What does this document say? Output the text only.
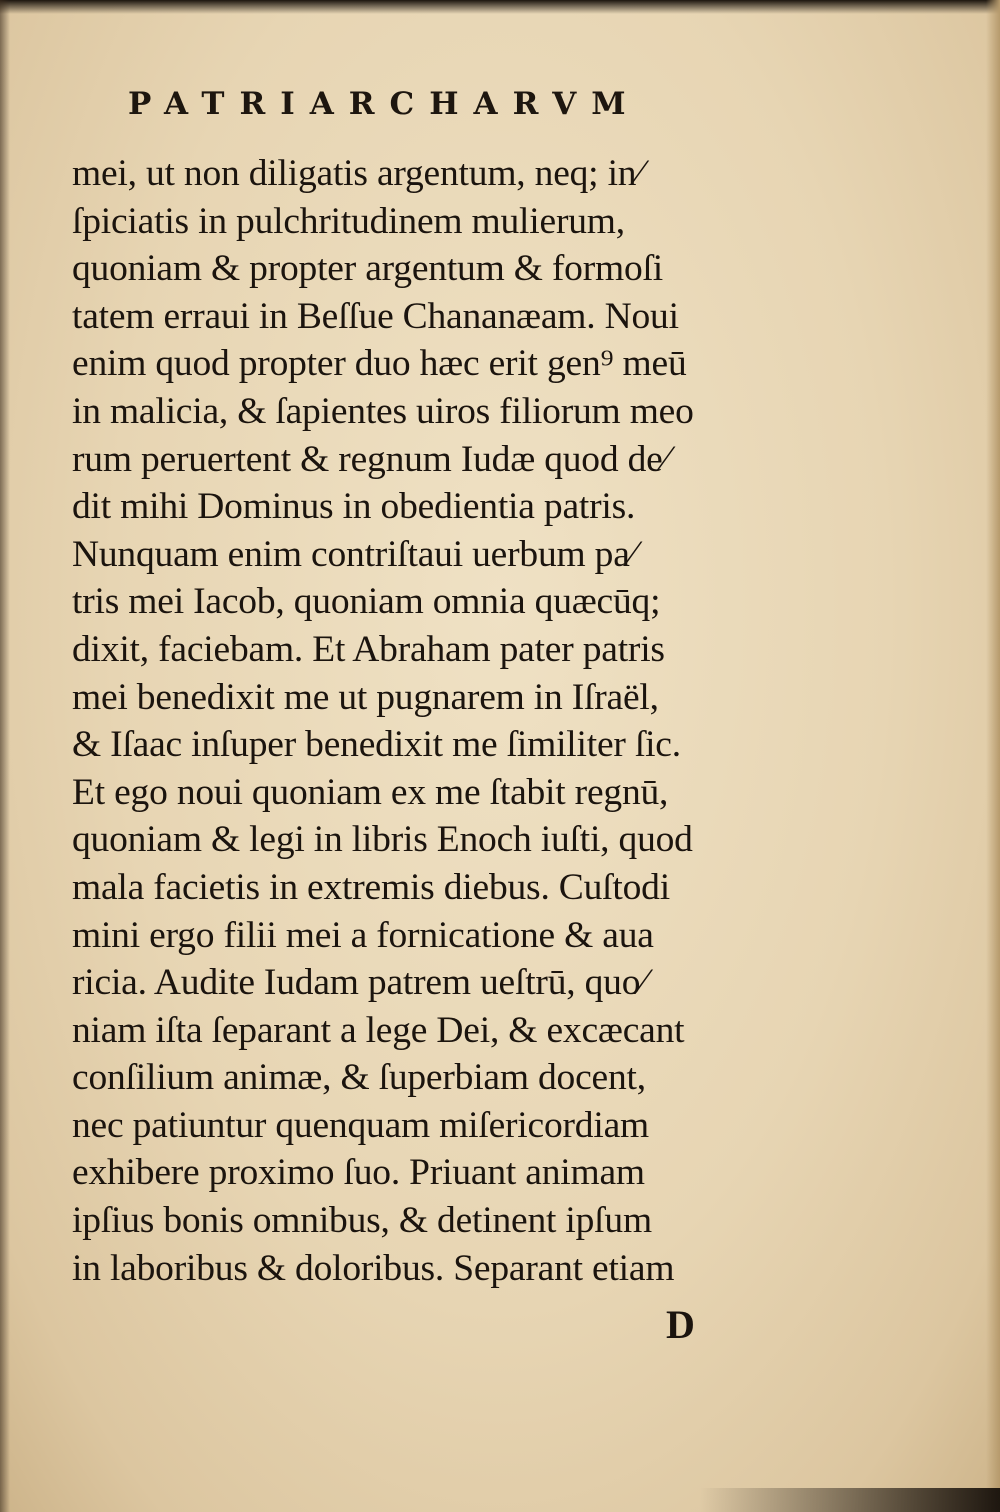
PATRIARCHARVM
mei, ut non diligatis argentum, neq; in⁄
ſpiciatis in pulchritudinem mulierum,
quoniam & propter argentum & formoſi
tatem erraui in Beſſue Chananæam. Noui
enim quod propter duo hæc erit gen⁹ meū
in malicia, & ſapientes uiros filiorum meo
rum peruertent & regnum Iudæ quod de⁄
dit mihi Dominus in obedientia patris.
Nunquam enim contriſtaui uerbum pa⁄
tris mei Iacob, quoniam omnia quæcūq;
dixit, faciebam. Et Abraham pater patris
mei benedixit me ut pugnarem in Iſraël,
& Iſaac inſuper benedixit me ſimiliter ſic.
Et ego noui quoniam ex me ſtabit regnū,
quoniam & legi in libris Enoch iuſti, quod
mala facietis in extremis diebus. Cuſtodi
mini ergo filii mei a fornicatione & aua
ricia. Audite Iudam patrem ueſtrū, quo⁄
niam iſta ſeparant a lege Dei, & excæcant
conſilium animæ, & ſuperbiam docent,
nec patiuntur quenquam miſericordiam
exhibere proximo ſuo. Priuant animam
ipſius bonis omnibus, & detinent ipſum
in laboribus & doloribus. Separant etiam
D
